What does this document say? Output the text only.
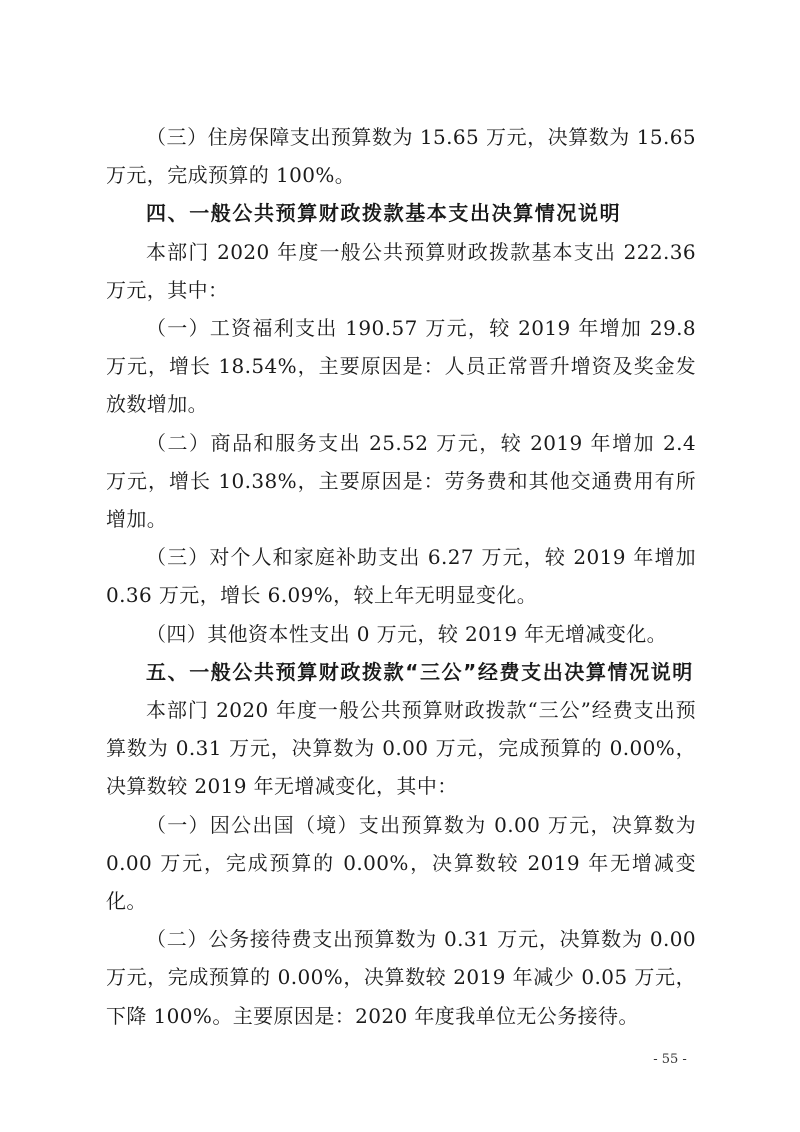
（三）住房保障支出预算数为 15.65 万元，决算数为 15.65 万元，完成预算的 100%。

四、一般公共预算财政拨款基本支出决算情况说明

本部门 2020 年度一般公共预算财政拨款基本支出 222.36 万元，其中：

（一）工资福利支出 190.57 万元，较 2019 年增加 29.8 万元，增长 18.54%，主要原因是：人员正常晋升增资及奖金发放数增加。

（二）商品和服务支出 25.52 万元，较 2019 年增加 2.4 万元，增长 10.38%，主要原因是：劳务费和其他交通费用有所增加。

（三）对个人和家庭补助支出 6.27 万元，较 2019 年增加 0.36 万元，增长 6.09%，较上年无明显变化。

（四）其他资本性支出 0 万元，较 2019 年无增减变化。

五、一般公共预算财政拨款“三公”经费支出决算情况说明

本部门 2020 年度一般公共预算财政拨款“三公”经费支出预算数为 0.31 万元，决算数为 0.00 万元，完成预算的 0.00%，决算数较 2019 年无增减变化，其中：

（一）因公出国（境）支出预算数为 0.00 万元，决算数为 0.00 万元，完成预算的 0.00%，决算数较 2019 年无增减变化。

（二）公务接待费支出预算数为 0.31 万元，决算数为 0.00 万元，完成预算的 0.00%，决算数较 2019 年减少 0.05 万元，下降 100%。主要原因是：2020 年度我单位无公务接待。

- 55 -
